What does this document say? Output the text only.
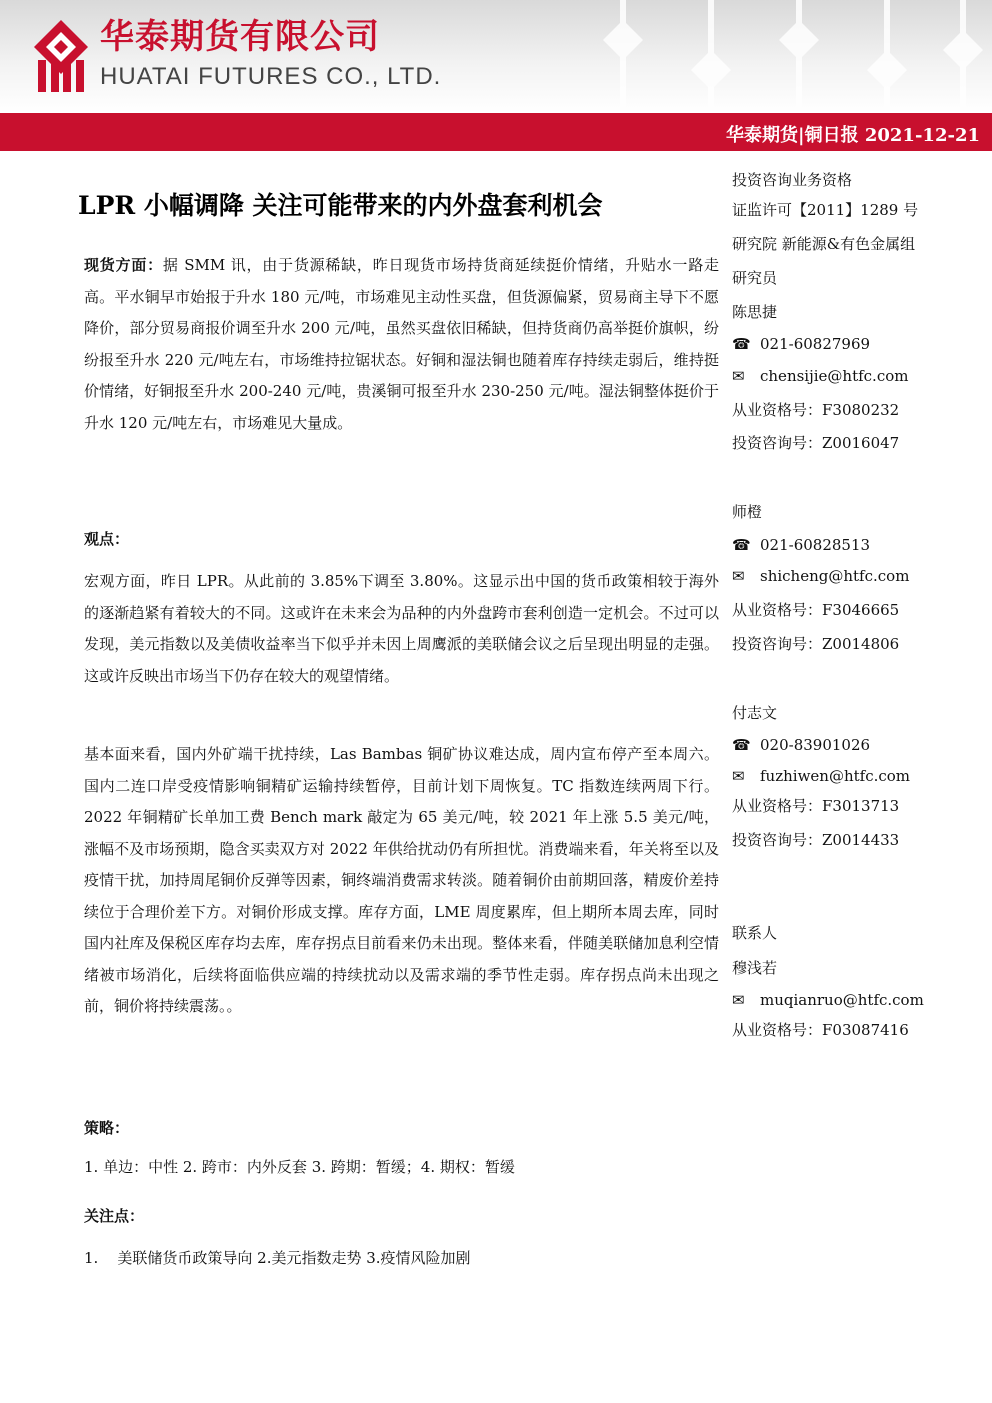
华泰期货有限公司
HUATAI FUTURES CO., LTD.
华泰期货|铜日报 2021-12-21
LPR 小幅调降 关注可能带来的内外盘套利机会

现货方面：据 SMM 讯，由于货源稀缺，昨日现货市场持货商延续挺价情绪，升贴水一路走高。平水铜早市始报于升水 180 元/吨，市场难见主动性买盘，但货源偏紧，贸易商主导下不愿降价，部分贸易商报价调至升水 200 元/吨，虽然买盘依旧稀缺，但持货商仍高举挺价旗帜，纷纷报至升水 220 元/吨左右，市场维持拉锯状态。好铜和湿法铜也随着库存持续走弱后，维持挺价情绪，好铜报至升水 200-240 元/吨，贵溪铜可报至升水 230-250 元/吨。湿法铜整体挺价于升水 120 元/吨左右，市场难见大量成。

观点：
宏观方面，昨日 LPR。从此前的 3.85%下调至 3.80%。这显示出中国的货币政策相较于海外的逐渐趋紧有着较大的不同。这或许在未来会为品种的内外盘跨市套利创造一定机会。不过可以发现，美元指数以及美债收益率当下似乎并未因上周鹰派的美联储会议之后呈现出明显的走强。这或许反映出市场当下仍存在较大的观望情绪。
基本面来看，国内外矿端干扰持续，Las Bambas 铜矿协议难达成，周内宣布停产至本周六。国内二连口岸受疫情影响铜精矿运输持续暂停，目前计划下周恢复。TC 指数连续两周下行。2022 年铜精矿长单加工费 Bench mark 敲定为 65 美元/吨，较 2021 年上涨 5.5 美元/吨，涨幅不及市场预期，隐含买卖双方对 2022 年供给扰动仍有所担忧。消费端来看，年关将至以及疫情干扰，加持周尾铜价反弹等因素，铜终端消费需求转淡。随着铜价由前期回落，精废价差持续位于合理价差下方。对铜价形成支撑。库存方面，LME 周度累库，但上期所本周去库，同时国内社库及保税区库存均去库，库存拐点目前看来仍未出现。整体来看，伴随美联储加息利空情绪被市场消化，后续将面临供应端的持续扰动以及需求端的季节性走弱。库存拐点尚未出现之前，铜价将持续震荡。。
策略：
1. 单边：中性 2. 跨市：内外反套 3. 跨期：暂缓；4. 期权：暂缓
关注点：
1.    美联储货币政策导向 2.美元指数走势 3.疫情风险加剧
投资咨询业务资格
证监许可【2011】1289 号
研究院 新能源&有色金属组
研究员
陈思捷
☎ 021-60827969
✉ chensijie@htfc.com
从业资格号：F3080232
投资咨询号：Z0016047
师橙
☎ 021-60828513
✉ shicheng@htfc.com
从业资格号：F3046665
投资咨询号：Z0014806
付志文
☎ 020-83901026
✉ fuzhiwen@htfc.com
从业资格号：F3013713
投资咨询号：Z0014433
联系人
穆浅若
✉ muqianruo@htfc.com
从业资格号：F03087416
